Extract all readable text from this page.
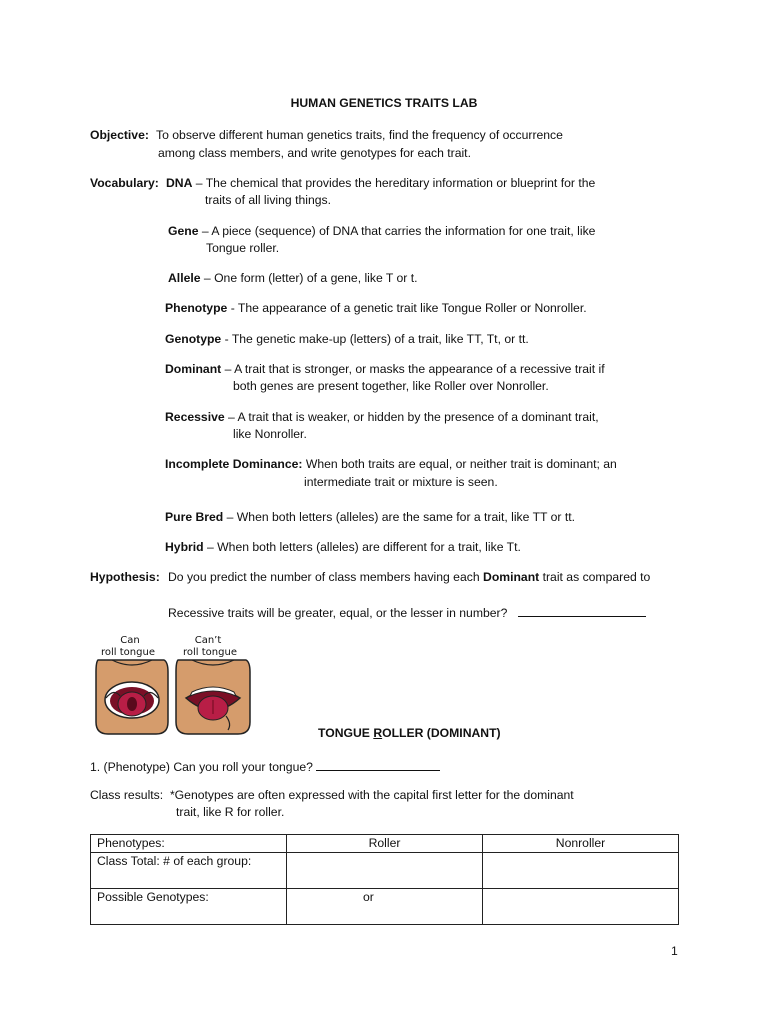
HUMAN GENETICS TRAITS LAB
Objective: To observe different human genetics traits, find the frequency of occurrence
among class members, and write genotypes for each trait.
Vocabulary: DNA – The chemical that provides the hereditary information or blueprint for the
traits of all living things.
Gene – A piece (sequence) of DNA that carries the information for one trait, like
Tongue roller.
Allele – One form (letter) of a gene, like T or t.
Phenotype - The appearance of a genetic trait like Tongue Roller or Nonroller.
Genotype - The genetic make-up (letters) of a trait, like TT, Tt, or tt.
Dominant – A trait that is stronger, or masks the appearance of a recessive trait if
both genes are present together, like Roller over Nonroller.
Recessive – A trait that is weaker, or hidden by the presence of a dominant trait,
like Nonroller.
Incomplete Dominance: When both traits are equal, or neither trait is dominant; an
intermediate trait or mixture is seen.
Pure Bred – When both letters (alleles) are the same for a trait, like TT or tt.
Hybrid – When both letters (alleles) are different for a trait, like Tt.
Hypothesis: Do you predict the number of class members having each Dominant trait as compared to
Recessive traits will be greater, equal, or the lesser in number?
Can
roll tongue
Can’t
roll tongue
TONGUE ROLLER (DOMINANT)
1. (Phenotype) Can you roll your tongue?
Class results: *Genotypes are often expressed with the capital first letter for the dominant
trait, like R for roller.
Phenotypes:	Roller	Nonroller
Class Total: # of each group:		
Possible Genotypes:	or	
1
